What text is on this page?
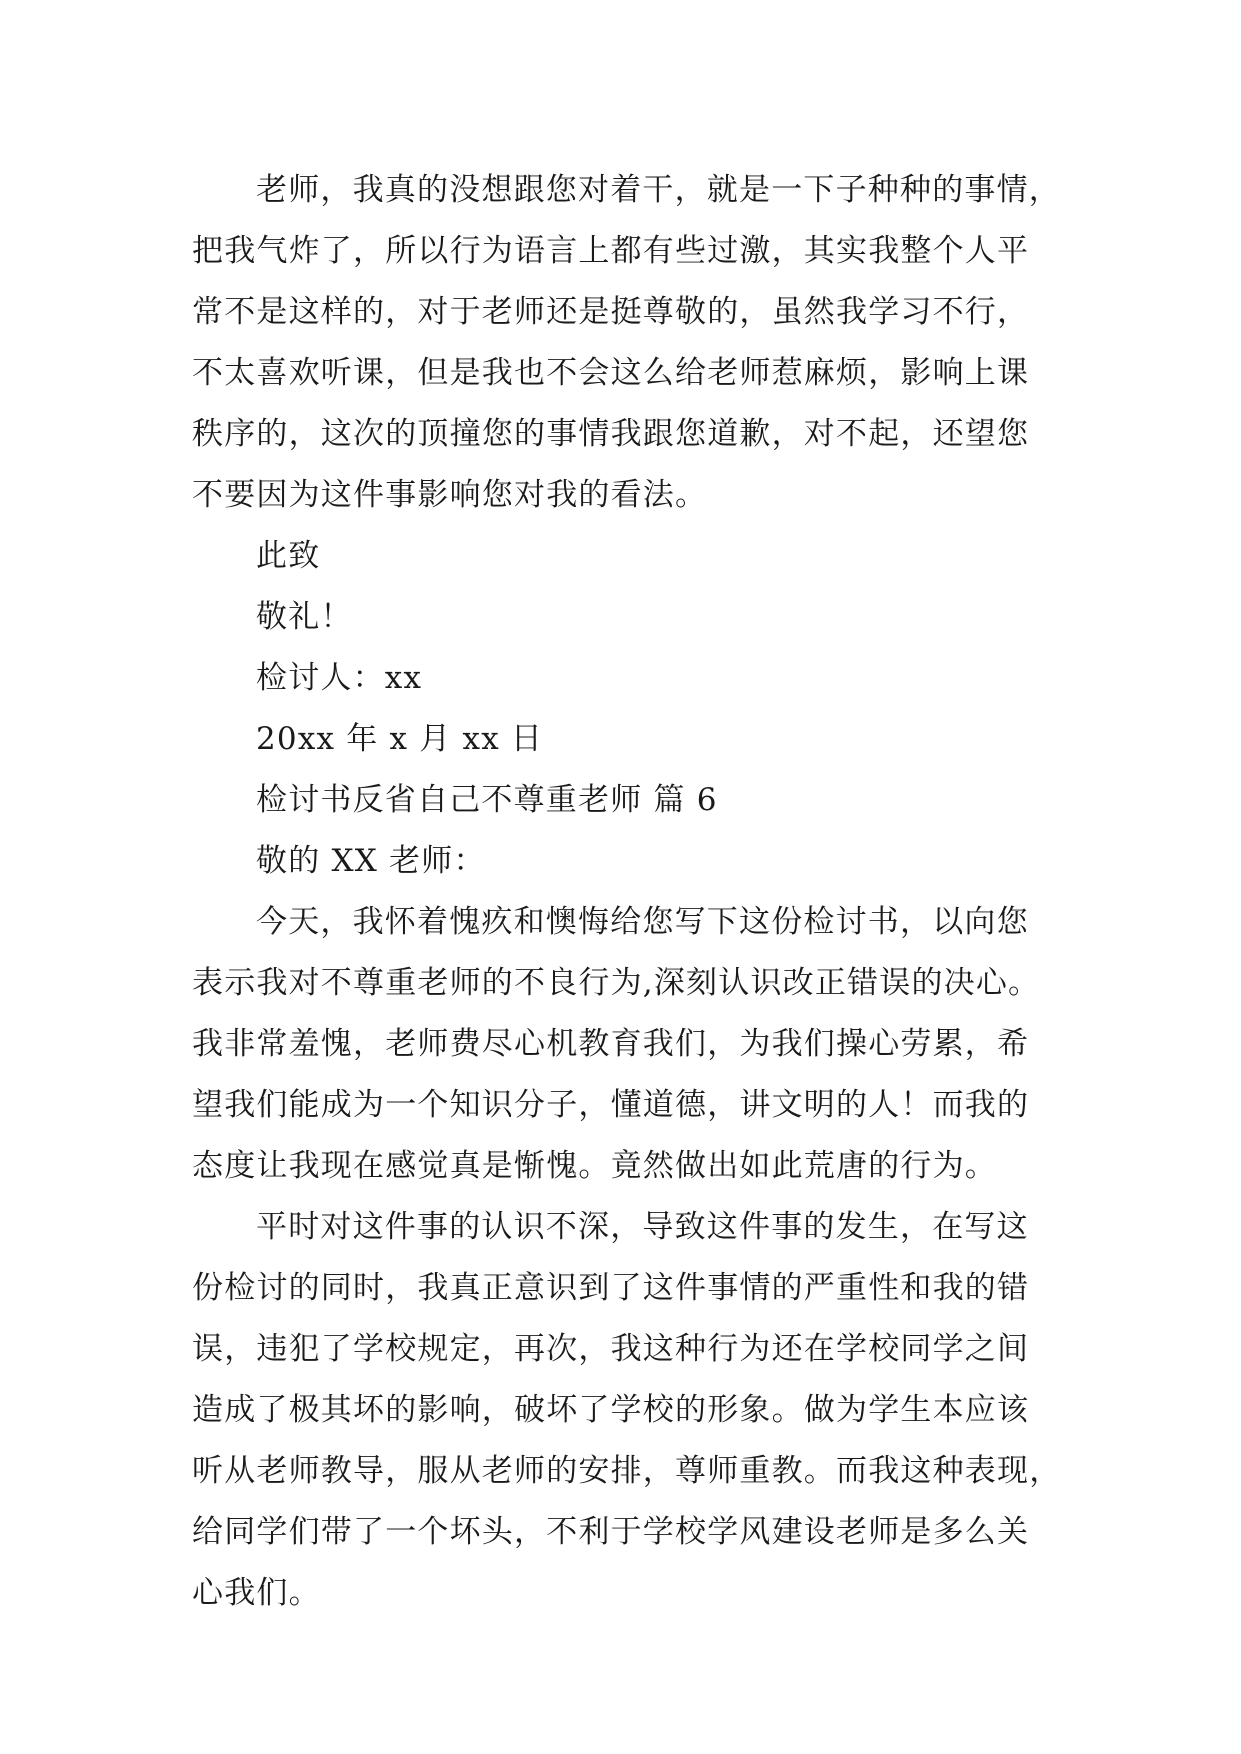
老师，我真的没想跟您对着干，就是一下子种种的事情，
把我气炸了，所以行为语言上都有些过激，其实我整个人平
常不是这样的，对于老师还是挺尊敬的，虽然我学习不行，
不太喜欢听课，但是我也不会这么给老师惹麻烦，影响上课
秩序的，这次的顶撞您的事情我跟您道歉，对不起，还望您
不要因为这件事影响您对我的看法。
此致
敬礼！
检讨人：xx
20xx 年 x 月 xx 日
检讨书反省自己不尊重老师 篇 6
敬的 XX 老师：
今天，我怀着愧疚和懊悔给您写下这份检讨书，以向您
表示我对不尊重老师的不良行为,深刻认识改正错误的决心。
我非常羞愧，老师费尽心机教育我们，为我们操心劳累，希
望我们能成为一个知识分子，懂道德，讲文明的人！而我的
态度让我现在感觉真是惭愧。竟然做出如此荒唐的行为。
平时对这件事的认识不深，导致这件事的发生，在写这
份检讨的同时，我真正意识到了这件事情的严重性和我的错
误，违犯了学校规定，再次，我这种行为还在学校同学之间
造成了极其坏的影响，破坏了学校的形象。做为学生本应该
听从老师教导，服从老师的安排，尊师重教。而我这种表现，
给同学们带了一个坏头，不利于学校学风建设老师是多么关
心我们。
